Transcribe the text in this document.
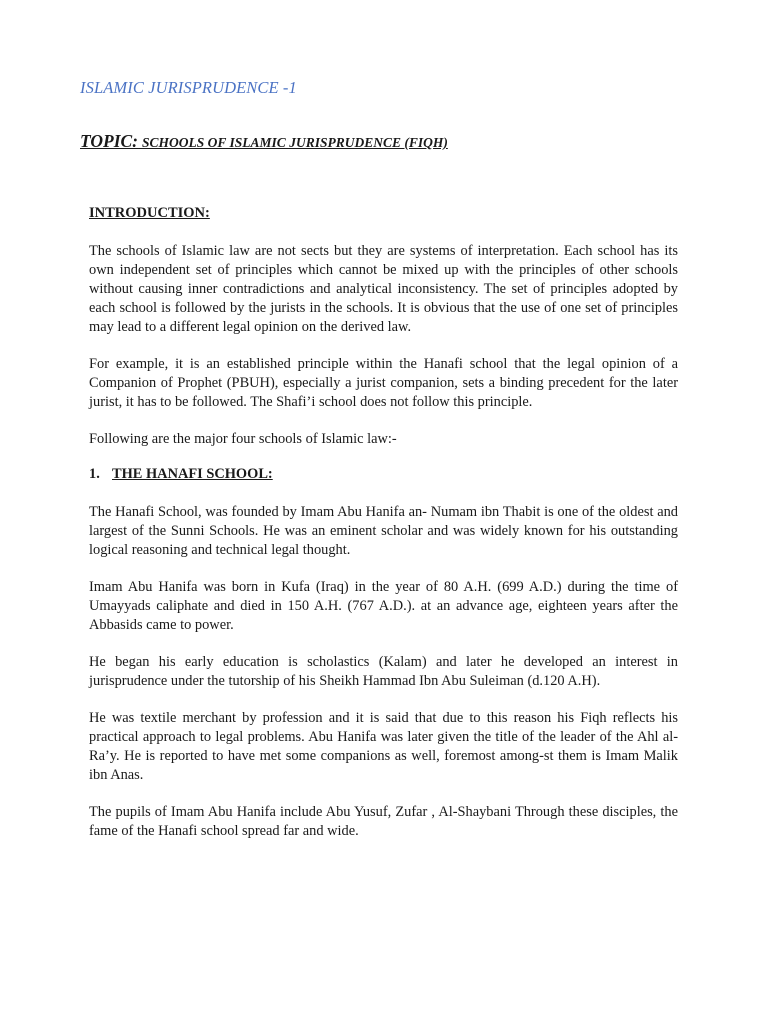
ISLAMIC JURISPRUDENCE -1
TOPIC: SCHOOLS OF ISLAMIC JURISPRUDENCE (FIQH)
INTRODUCTION:

The schools of Islamic law are not sects but they are systems of interpretation. Each school has its own independent set of principles which cannot be mixed up with the principles of other schools without causing inner contradictions and analytical inconsistency. The set of principles adopted by each school is followed by the jurists in the schools. It is obvious that the use of one set of principles may lead to a different legal opinion on the derived law.

For example, it is an established principle within the Hanafi school that the legal opinion of a Companion of Prophet (PBUH), especially a jurist companion, sets a binding precedent for the later jurist, it has to be followed. The Shafi’i school does not follow this principle.

Following are the major four schools of Islamic law:-

1. THE HANAFI SCHOOL:

The Hanafi School, was founded by Imam Abu Hanifa an- Numam ibn Thabit is one of the oldest and largest of the Sunni Schools. He was an eminent scholar and was widely known for his outstanding logical reasoning and technical legal thought.

Imam Abu Hanifa was born in Kufa (Iraq) in the year of 80 A.H. (699 A.D.) during the time of Umayyads caliphate and died in 150 A.H. (767 A.D.). at an advance age, eighteen years after the Abbasids came to power.

He began his early education is scholastics (Kalam) and later he developed an interest in jurisprudence under the tutorship of his Sheikh Hammad Ibn Abu Suleiman (d.120 A.H).

He was textile merchant by profession and it is said that due to this reason his Fiqh reflects his practical approach to legal problems. Abu Hanifa was later given the title of the leader of the Ahl al-Ra’y. He is reported to have met some companions as well, foremost among-st them is Imam Malik ibn Anas.

The pupils of Imam Abu Hanifa include Abu Yusuf, Zufar , Al-Shaybani Through these disciples, the fame of the Hanafi school spread far and wide.
